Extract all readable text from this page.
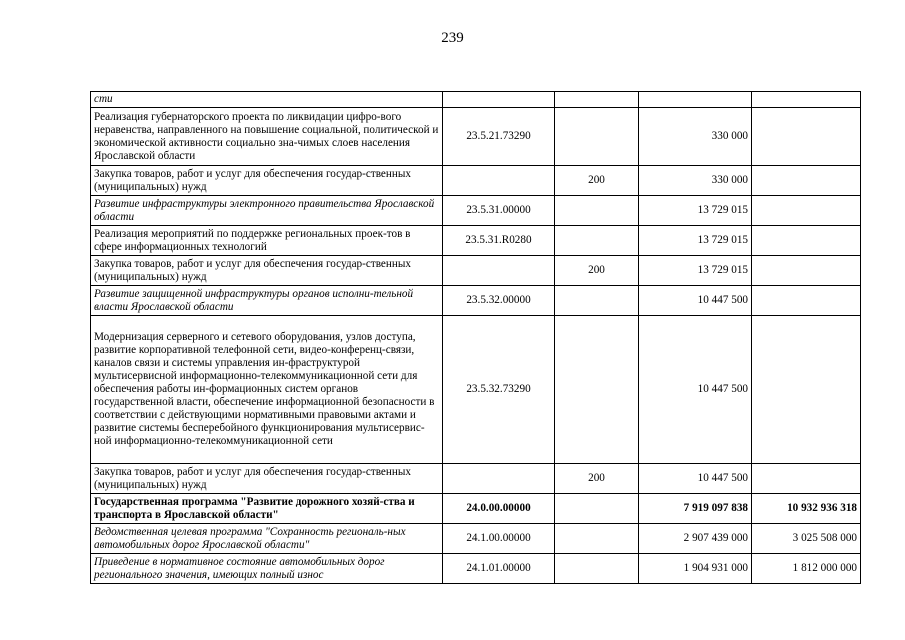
239
сти				
Реализация губернаторского проекта по ликвидации цифро-вого неравенства, направленного на повышение социальной, политической и экономической активности социально зна-чимых слоев населения Ярославской области	23.5.21.73290		330 000	
Закупка товаров, работ и услуг для обеспечения государ-ственных (муниципальных) нужд		200	330 000	
Развитие инфраструктуры электронного правительства Ярославской области	23.5.31.00000		13 729 015	
Реализация мероприятий по поддержке региональных проек-тов в сфере информационных технологий	23.5.31.R0280		13 729 015	
Закупка товаров, работ и услуг для обеспечения государ-ственных (муниципальных) нужд		200	13 729 015	
Развитие защищенной инфраструктуры органов исполни-тельной власти Ярославской области	23.5.32.00000		10 447 500	
Модернизация серверного и сетевого оборудования, узлов доступа, развитие корпоративной телефонной сети, видео-конференц-связи, каналов связи и системы управления ин-фраструктурой мультисервисной информационно-телекоммуникационной сети для обеспечения работы ин-формационных систем органов государственной власти, обеспечение информационной безопасности в соответствии с действующими нормативными правовыми актами и развитие системы бесперебойного функционирования мультисервис-ной информационно-телекоммуникационной сети	23.5.32.73290		10 447 500	
Закупка товаров, работ и услуг для обеспечения государ-ственных (муниципальных) нужд		200	10 447 500	
Государственная программа "Развитие дорожного хозяй-ства и транспорта в Ярославской области"	24.0.00.00000		7 919 097 838	10 932 936 318
Ведомственная целевая программа "Сохранность региональ-ных автомобильных дорог Ярославской области"	24.1.00.00000		2 907 439 000	3 025 508 000
Приведение в нормативное состояние автомобильных дорог регионального значения, имеющих полный износ	24.1.01.00000		1 904 931 000	1 812 000 000
